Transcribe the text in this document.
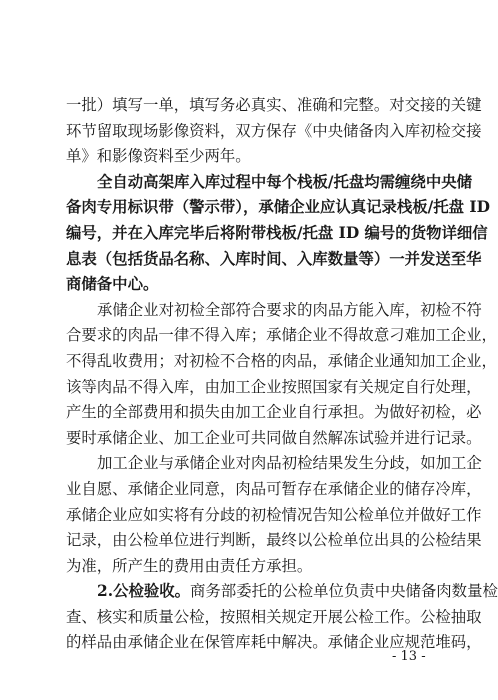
一批）填写一单，填写务必真实、准确和完整。对交接的关键
环节留取现场影像资料，双方保存《中央储备肉入库初检交接
单》和影像资料至少两年。
全自动高架库入库过程中每个栈板/托盘均需缠绕中央储
备肉专用标识带（警示带），承储企业应认真记录栈板/托盘 ID
编号，并在入库完毕后将附带栈板/托盘 ID 编号的货物详细信
息表（包括货品名称、入库时间、入库数量等）一并发送至华
商储备中心。
承储企业对初检全部符合要求的肉品方能入库，初检不符
合要求的肉品一律不得入库；承储企业不得故意刁难加工企业，
不得乱收费用；对初检不合格的肉品，承储企业通知加工企业，
该等肉品不得入库，由加工企业按照国家有关规定自行处理，
产生的全部费用和损失由加工企业自行承担。为做好初检，必
要时承储企业、加工企业可共同做自然解冻试验并进行记录。
加工企业与承储企业对肉品初检结果发生分歧，如加工企
业自愿、承储企业同意，肉品可暂存在承储企业的储存冷库，
承储企业应如实将有分歧的初检情况告知公检单位并做好工作
记录，由公检单位进行判断，最终以公检单位出具的公检结果
为准，所产生的费用由责任方承担。
2.公检验收。商务部委托的公检单位负责中央储备肉数量检
查、核实和质量公检，按照相关规定开展公检工作。公检抽取
的样品由承储企业在保管库耗中解决。承储企业应规范堆码，
- 13 -
